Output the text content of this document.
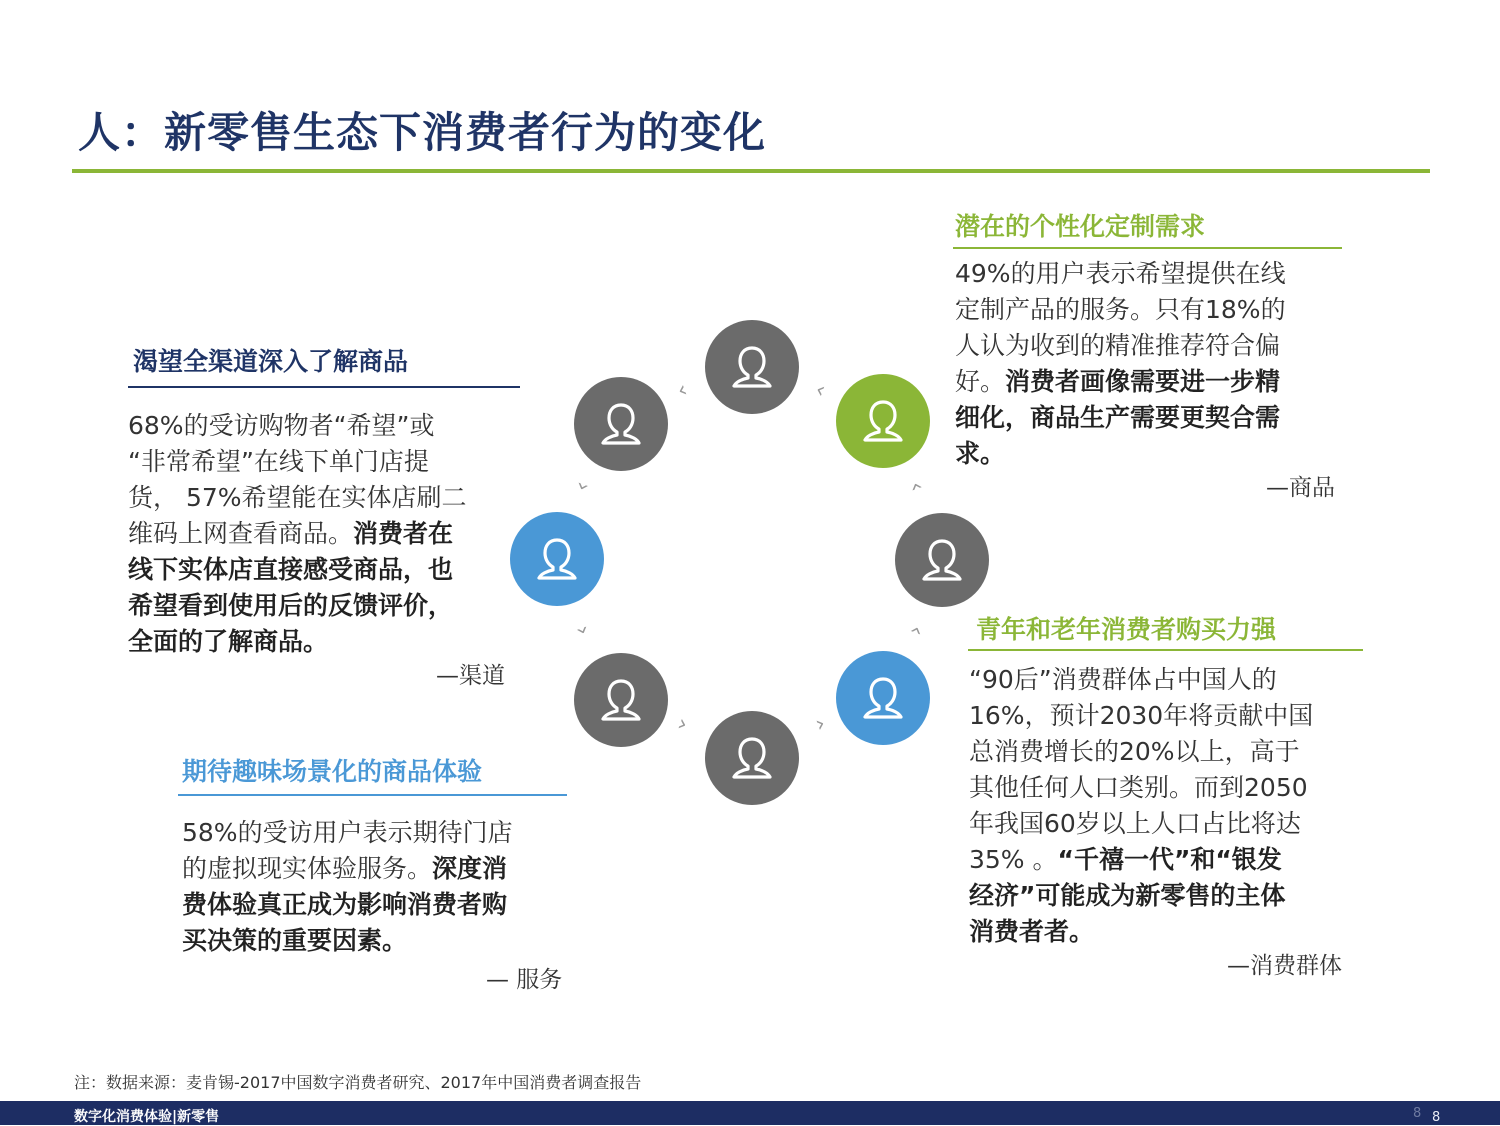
人：新零售生态下消费者行为的变化
渴望全渠道深入了解商品
68%的受访购物者“希望”或
“非常希望”在线下单门店提
货， 57%希望能在实体店刷二
维码上网查看商品。消费者在
线下实体店直接感受商品，也
希望看到使用后的反馈评价，
全面的了解商品。
—渠道
潜在的个性化定制需求
49%的用户表示希望提供在线
定制产品的服务。只有18%的
人认为收到的精准推荐符合偏
好。消费者画像需要进一步精
细化，商品生产需要更契合需
求。
—商品
期待趣味场景化的商品体验
58%的受访用户表示期待门店
的虚拟现实体验服务。深度消
费体验真正成为影响消费者购
买决策的重要因素。
— 服务
青年和老年消费者购买力强
“90后”消费群体占中国人的
16%，预计2030年将贡献中国
总消费增长的20%以上，高于
其他任何人口类别。而到2050
年我国60岁以上人口占比将达
35% 。“千禧一代”和“银发
经济”可能成为新零售的主体
消费者者。
—消费群体
‹	‹
‹	‹
‹	‹
‹	‹
注：数据来源：麦肯锡-2017中国数字消费者研究、2017年中国消费者调查报告
数字化消费体验|新零售	8 8
